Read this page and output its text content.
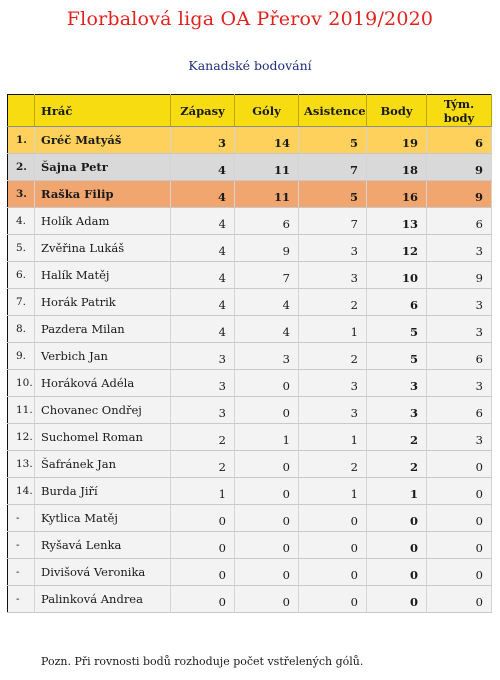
Florbalová liga OA Přerov 2019/2020
Kanadské bodování
	Hráč	Zápasy	Góly	Asistence	Body	Tým. body
1.	Gréč Matyáš	3	14	5	19	6
2.	Šajna Petr	4	11	7	18	9
3.	Raška Filip	4	11	5	16	9
4.	Holík Adam	4	6	7	13	6
5.	Zvěřina Lukáš	4	9	3	12	3
6.	Halík Matěj	4	7	3	10	9
7.	Horák Patrik	4	4	2	6	3
8.	Pazdera Milan	4	4	1	5	3
9.	Verbich Jan	3	3	2	5	6
10.	Horáková Adéla	3	0	3	3	3
11.	Chovanec Ondřej	3	0	3	3	6
12.	Suchomel Roman	2	1	1	2	3
13.	Šafránek Jan	2	0	2	2	0
14.	Burda Jiří	1	0	1	1	0
-	Kytlica Matěj	0	0	0	0	0
-	Ryšavá Lenka	0	0	0	0	0
-	Divišová Veronika	0	0	0	0	0
-	Palinková Andrea	0	0	0	0	0
Pozn. Při rovnosti bodů rozhoduje počet vstřelených gólů.
